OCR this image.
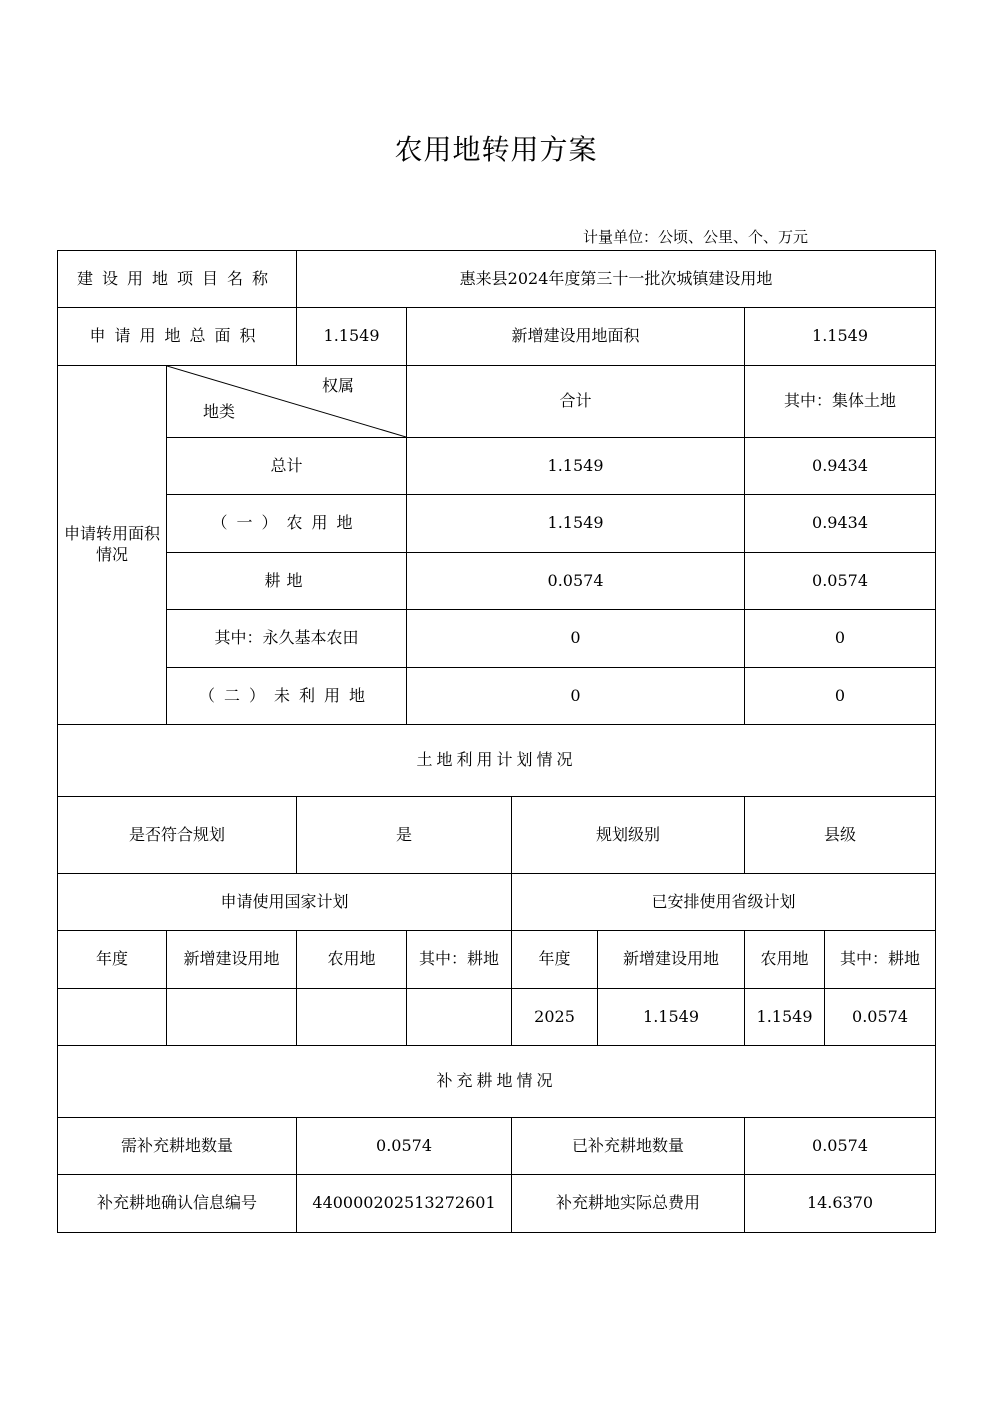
农用地转用方案
计量单位：公顷、公里、个、万元
建设用地项目名称		惠来县2024年度第三十一批次城镇建设用地					
申请用地总面积		1.1549	新增建设用地面积			1.1549	
申请转用面积情况	权属
地类		合计			其中：集体土地	
	总计		1.1549			0.9434	
	（一）农用地		1.1549			0.9434	
	耕地		0.0574			0.0574	
	其中：永久基本农田		0			0	
	（二）未利用地		0			0	
土地利用计划情况							
是否符合规划		是		规划级别		县级	
申请使用国家计划				已安排使用省级计划			
年度	新增建设用地	农用地	其中：耕地	年度	新增建设用地	农用地	其中：耕地
				2025	1.1549	1.1549	0.0574
补充耕地情况							
需补充耕地数量		0.0574		已补充耕地数量		0.0574	
补充耕地确认信息编号		440000202513272601		补充耕地实际总费用		14.6370	
